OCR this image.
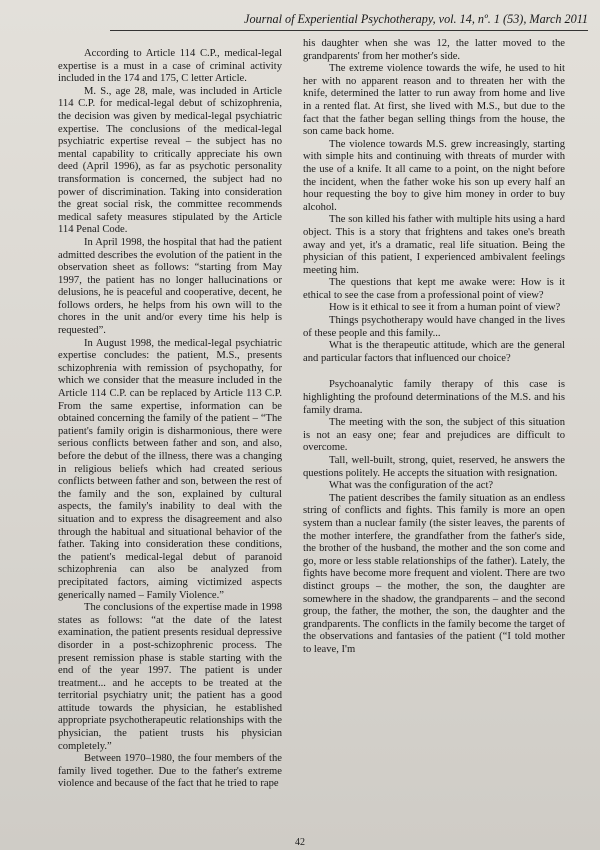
Journal of Experiential Psychotherapy, vol. 14, nº. 1 (53), March 2011

According to Article 114 C.P., medical-legal expertise is a must in a case of criminal activity included in the 174 and 175, C letter Article.

M. S., age 28, male, was included in Article 114 C.P. for medical-legal debut of schizophrenia, the decision was given by medical-legal psychiatric expertise. The conclusions of the medical-legal psychiatric expertise reveal – the subject has no mental capability to critically appreciate his own deed (April 1996), as far as psychotic personality transformation is concerned, the subject had no power of discrimination. Taking into consideration the great social risk, the committee recommends medical safety measures stipulated by the Article 114 Penal Code.

In April 1998, the hospital that had the patient admitted describes the evolution of the patient in the observation sheet as follows: “starting from May 1997, the patient has no longer hallucinations or delusions, he is peaceful and cooperative, decent, he follows orders, he helps from his own will to the chores in the unit and/or every time his help is requested”.

In August 1998, the medical-legal psychiatric expertise concludes: the patient, M.S., presents schizophrenia with remission of psychopathy, for which we consider that the measure included in the Article 114 C.P. can be replaced by Article 113 C.P. From the same expertise, information can be obtained concerning the family of the patient – “The patient's family origin is disharmonious, there were serious conflicts between father and son, and also, before the debut of the illness, there was a changing in religious beliefs which had created serious conflicts between father and son, between the rest of the family and the son, explained by cultural aspects, the family's inability to deal with the situation and to express the disagreement and also through the habitual and situational behavior of the father. Taking into consideration these conditions, the patient's medical-legal debut of paranoid schizophrenia can also be analyzed from precipitated factors, aiming victimized aspects generically named – Family Violence.”

The conclusions of the expertise made in 1998 states as follows: “at the date of the latest examination, the patient presents residual depressive disorder in a post-schizophrenic process. The present remission phase is stable starting with the end of the year 1997. The patient is under treatment... and he accepts to be treated at the territorial psychiatry unit; the patient has a good attitude towards the physician, he established appropriate psychotherapeutic relationships with the physician, the patient trusts his physician completely.”

Between 1970–1980, the four members of the family lived together. Due to the father's extreme violence and because of the fact that he tried to rape

his daughter when she was 12, the latter moved to the grandparents' from her mother's side.

The extreme violence towards the wife, he used to hit her with no apparent reason and to threaten her with the knife, determined the latter to run away from home and live in a rented flat. At first, she lived with M.S., but due to the fact that the father began selling things from the house, the son came back home.

The violence towards M.S. grew increasingly, starting with simple hits and continuing with threats of murder with the use of a knife. It all came to a point, on the night before the incident, when the father woke his son up every half an hour requesting the boy to give him money in order to buy alcohol.

The son killed his father with multiple hits using a hard object. This is a story that frightens and takes one's breath away and yet, it's a dramatic, real life situation. Being the physician of this patient, I experienced ambivalent feelings meeting him.

The questions that kept me awake were: How is it ethical to see the case from a professional point of view?

How is it ethical to see it from a human point of view?

Things psychotherapy would have changed in the lives of these people and this family...

What is the therapeutic attitude, which are the general and particular factors that influenced our choice?

Psychoanalytic family therapy of this case is highlighting the profound determinations of the M.S. and his family drama.

The meeting with the son, the subject of this situation is not an easy one; fear and prejudices are difficult to overcome.

Tall, well-built, strong, quiet, reserved, he answers the questions politely. He accepts the situation with resignation.

What was the configuration of the act?

The patient describes the family situation as an endless string of conflicts and fights. This family is more an open system than a nuclear family (the sister leaves, the parents of the mother interfere, the grandfather from the father's side, the brother of the husband, the mother and the son come and go, more or less stable relationships of the father). Lately, the fights have become more frequent and violent. There are two distinct groups – the mother, the son, the daughter are somewhere in the shadow, the grandparents – and the second group, the father, the mother, the son, the daughter and the grandparents. The conflicts in the family become the target of the observations and fantasies of the patient (“I told mother to leave, I'm

42
